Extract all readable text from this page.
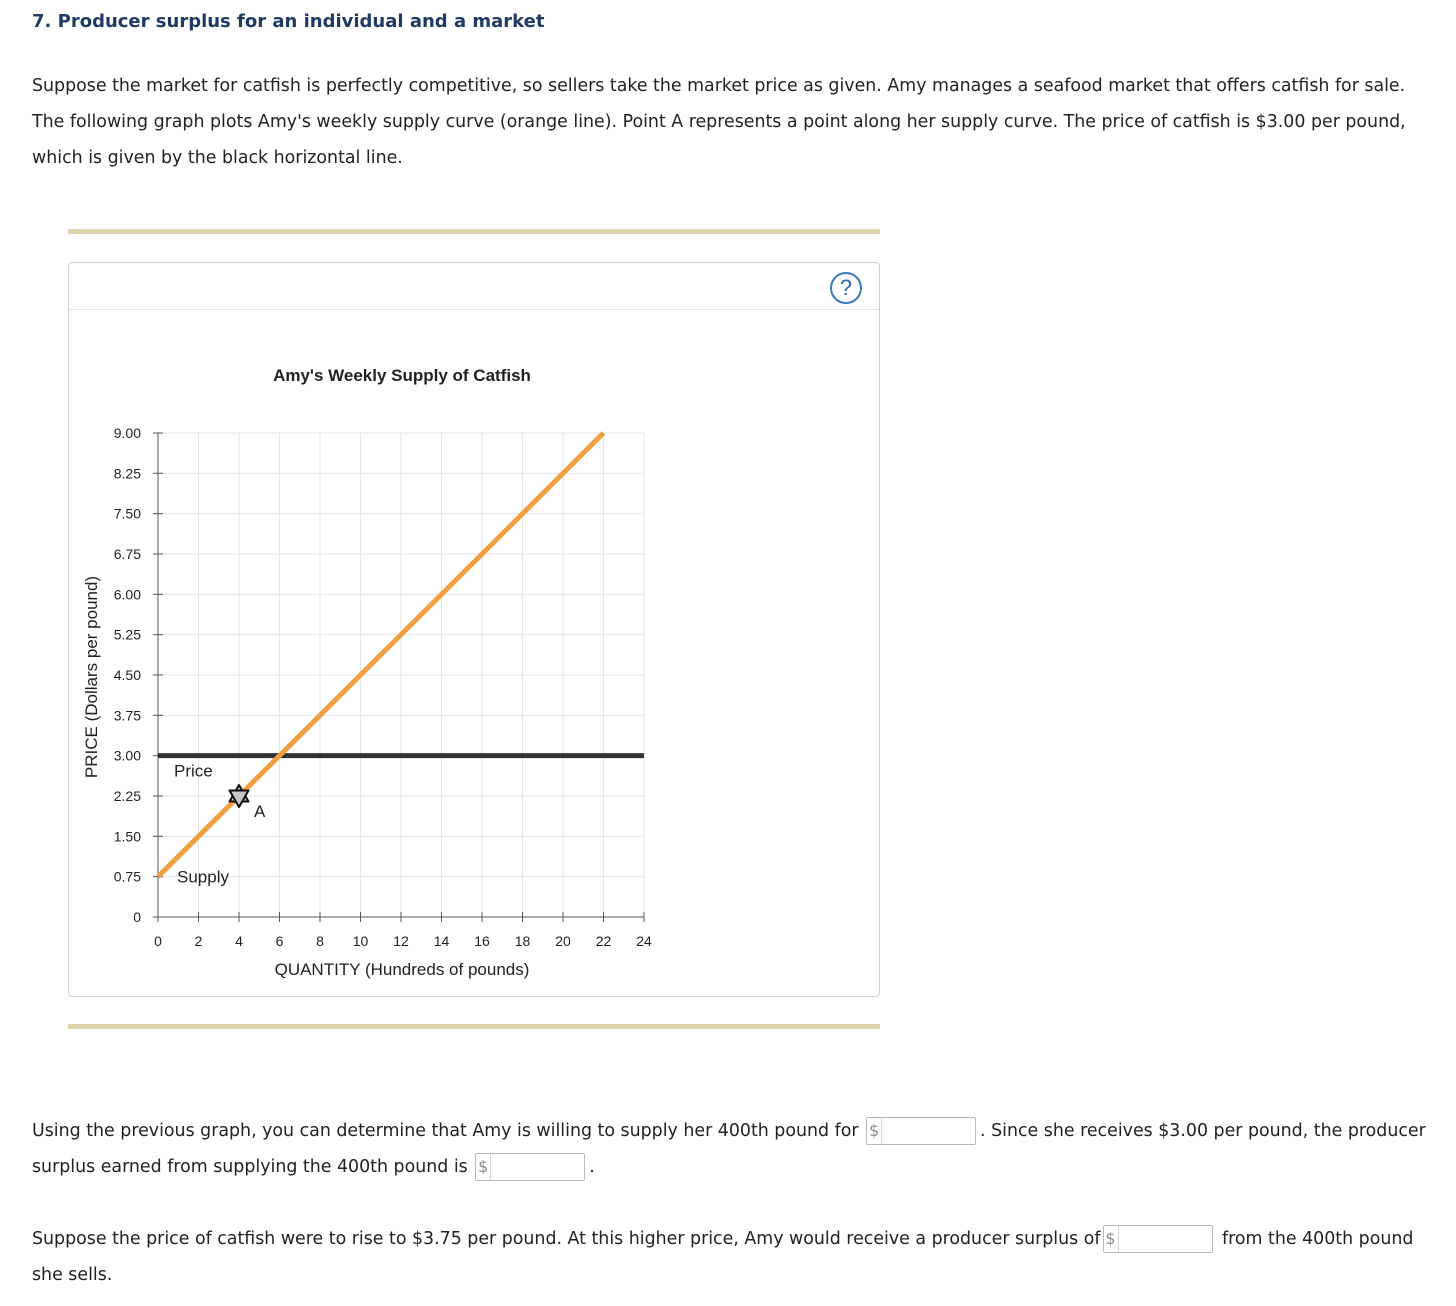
7. Producer surplus for an individual and a market
Suppose the market for catfish is perfectly competitive, so sellers take the market price as given. Amy manages a seafood market that offers catfish for sale. The following graph plots Amy's weekly supply curve (orange line). Point A represents a point along her supply curve. The price of catfish is $3.00 per pound, which is given by the black horizontal line.
?
Amy's Weekly Supply of Catfish
0
0.75
1.50
2.25
3.00
3.75
4.50
5.25
6.00
6.75
7.50
8.25
9.00
0 2 4 6 8 10 12 14 16 18 20 22 24
PRICE (Dollars per pound)
QUANTITY (Hundreds of pounds)
Price
Supply
A
Using the previous graph, you can determine that Amy is willing to supply her 400th pound for $	. Since she receives $3.00 per pound, the producer surplus earned from supplying the 400th pound is $	.
Suppose the price of catfish were to rise to $3.75 per pound. At this higher price, Amy would receive a producer surplus of $	from the 400th pound she sells.
